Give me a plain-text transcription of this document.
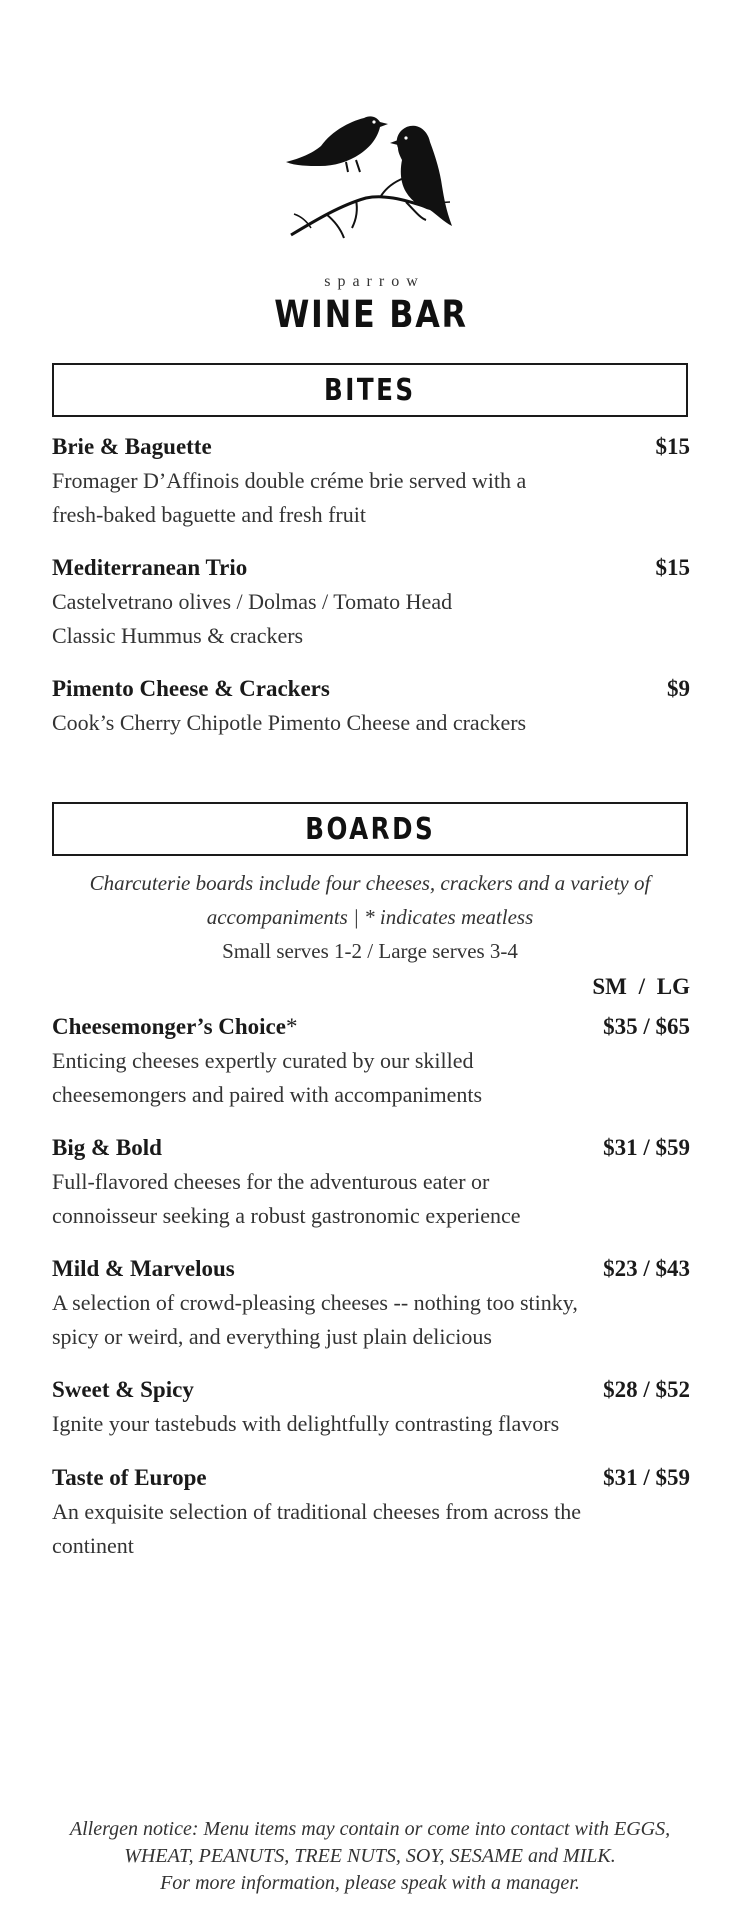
sparrow
WINE BAR
BITES
Brie & Baguette	$15
Fromager D’Affinois double créme brie served with a
fresh-baked baguette and fresh fruit
Mediterranean Trio	$15
Castelvetrano olives / Dolmas / Tomato Head
Classic Hummus & crackers
Pimento Cheese & Crackers	$9
Cook’s Cherry Chipotle Pimento Cheese and crackers
BOARDS
Charcuterie boards include four cheeses, crackers and a variety of
accompaniments | * indicates meatless
Small serves 1-2 / Large serves 3-4
SM / LG
Cheesemonger’s Choice*	$35 / $65
Enticing cheeses expertly curated by our skilled
cheesemongers and paired with accompaniments
Big & Bold	$31 / $59
Full-flavored cheeses for the adventurous eater or
connoisseur seeking a robust gastronomic experience
Mild & Marvelous	$23 / $43
A selection of crowd-pleasing cheeses -- nothing too stinky,
spicy or weird, and everything just plain delicious
Sweet & Spicy	$28 / $52
Ignite your tastebuds with delightfully contrasting flavors
Taste of Europe	$31 / $59
An exquisite selection of traditional cheeses from across the
continent
Allergen notice: Menu items may contain or come into contact with EGGS,
WHEAT, PEANUTS, TREE NUTS, SOY, SESAME and MILK.
For more information, please speak with a manager.
